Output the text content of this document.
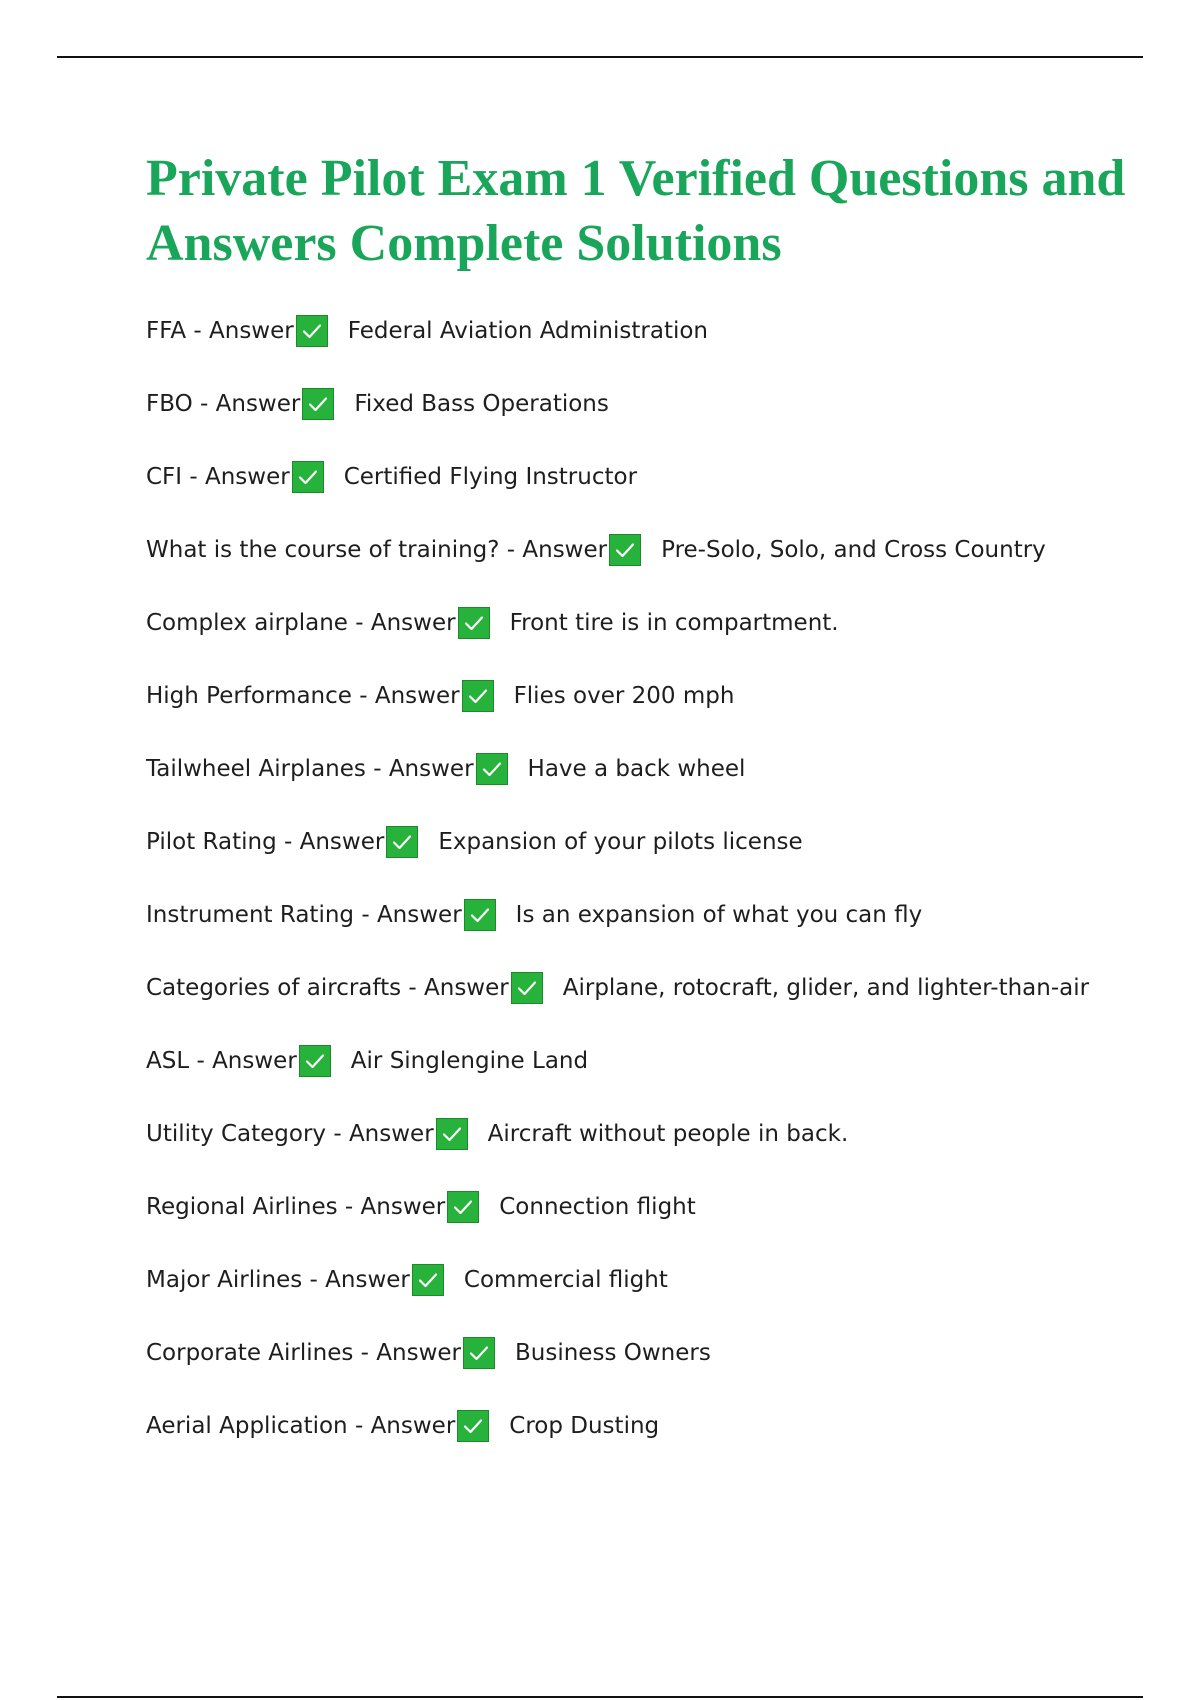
Private Pilot Exam 1 Verified Questions and Answers Complete Solutions
FFA - Answer Federal Aviation Administration
FBO - Answer Fixed Bass Operations
CFI - Answer Certified Flying Instructor
What is the course of training? - Answer Pre-Solo, Solo, and Cross Country
Complex airplane - Answer Front tire is in compartment.
High Performance - Answer Flies over 200 mph
Tailwheel Airplanes - Answer Have a back wheel
Pilot Rating - Answer Expansion of your pilots license
Instrument Rating - Answer Is an expansion of what you can fly
Categories of aircrafts - Answer Airplane, rotocraft, glider, and lighter-than-air
ASL - Answer Air Singlengine Land
Utility Category - Answer Aircraft without people in back.
Regional Airlines - Answer Connection flight
Major Airlines - Answer Commercial flight
Corporate Airlines - Answer Business Owners
Aerial Application - Answer Crop Dusting
